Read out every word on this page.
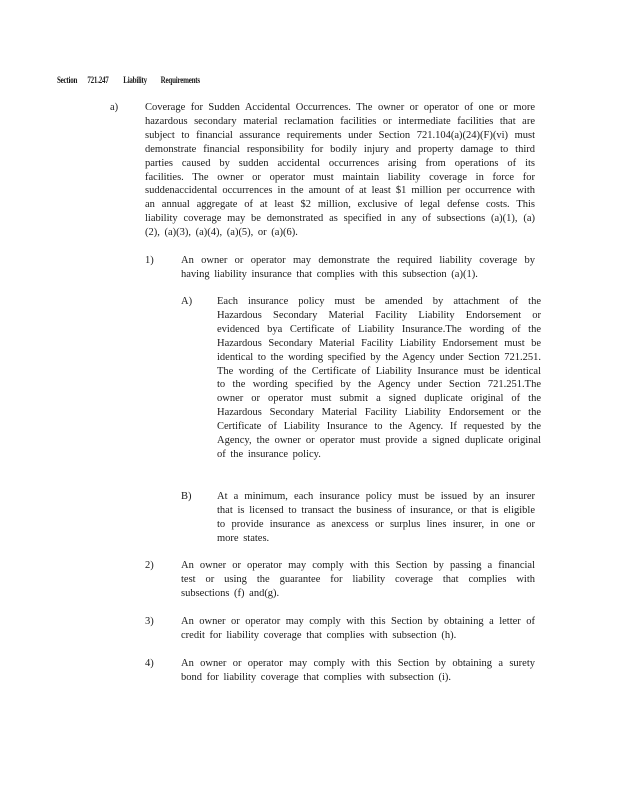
Section 721.247 Liability Requirements
a)	Coverage for Sudden Accidental Occurrences. The owner or operator of one or more hazardous secondary material reclamation facilities or intermediate facilities that are subject to financial assurance requirements under Section 721.104(a)(24)(F)(vi) must demonstrate financial responsibility for bodily injury and property damage to third parties caused by sudden accidental occurrences arising from operations of its facilities. The owner or operator must maintain liability coverage in force for suddenaccidental occurrences in the amount of at least $1 million per occurrence with an annual aggregate of at least $2 million, exclusive of legal defense costs. This liability coverage may be demonstrated as specified in any of subsections (a)(1), (a)(2), (a)(3), (a)(4), (a)(5), or (a)(6).
1)	An owner or operator may demonstrate the required liability coverage by having liability insurance that complies with this subsection (a)(1).
A) Each insurance policy must be amended by attachment of the Hazardous Secondary Material Facility Liability Endorsement or evidenced bya Certificate of Liability Insurance.The wording of the Hazardous Secondary Material Facility Liability Endorsement must be identical to the wording specified by the Agency under Section 721.251. The wording of the Certificate of Liability Insurance must be identical to the wording specified by the Agency under Section 721.251.The owner or operator must submit a signed duplicate original of the Hazardous Secondary Material Facility Liability Endorsement or the Certificate of Liability Insurance to the Agency. If requested by the Agency, the owner or operator must provide a signed duplicate original of the insurance policy.
B) At a minimum, each insurance policy must be issued by an insurer that is licensed to transact the business of insurance, or that is eligible to provide insurance as anexcess or surplus lines insurer, in one or more states.
2)	An owner or operator may comply with this Section by passing a financial test or using the guarantee for liability coverage that complies with subsections (f) and(g).
3)	An owner or operator may comply with this Section by obtaining a letter of credit for liability coverage that complies with subsection (h).
4)	An owner or operator may comply with this Section by obtaining a surety bond for liability coverage that complies with subsection (i).
